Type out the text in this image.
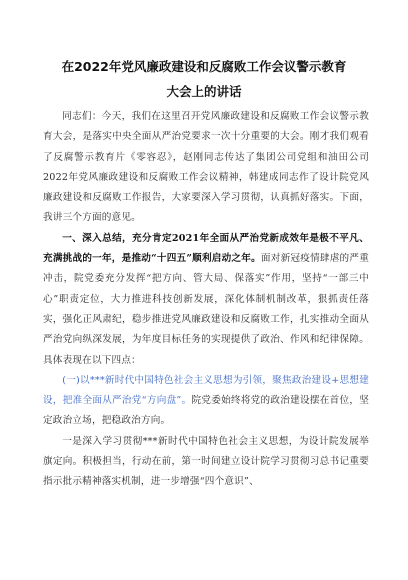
在2022年党风廉政建设和反腐败工作会议警示教育
大会上的讲话

同志们：今天，我们在这里召开党风廉政建设和反腐败工作会议警示教育大会，是落实中央全面从严治党要求一次十分重要的大会。刚才我们观看了反腐警示教育片《零容忍》，赵刚同志传达了集团公司党组和油田公司2022年党风廉政建设和反腐败工作会议精神，韩建成同志作了设计院党风廉政建设和反腐败工作报告，大家要深入学习贯彻，认真抓好落实。下面，我讲三个方面的意见。

一、深入总结，充分肯定2021年全面从严治党新成效年是极不平凡、充满挑战的一年，是推动“十四五”顺利启动之年。面对新冠疫情肆虐的严重冲击，院党委充分发挥“把方向、管大局、保落实”作用，坚持“一部三中心”职责定位，大力推进科技创新发展，深化体制机制改革，狠抓责任落实，强化正风肃纪，稳步推进党风廉政建设和反腐败工作，扎实推动全面从严治党向纵深发展，为年度目标任务的实现提供了政治、作风和纪律保障。具体表现在以下四点：

(一)以***新时代中国特色社会主义思想为引领，聚焦政治建设+思想建设，把准全面从严治党“方向盘”。院党委始终将党的政治建设摆在首位，坚定政治立场，把稳政治方向。

一是深入学习贯彻***新时代中国特色社会主义思想，为设计院发展举旗定向。积极担当，行动在前，第一时间建立设计院学习贯彻习总书记重要指示批示精神落实机制，进一步增强“四个意识”、
